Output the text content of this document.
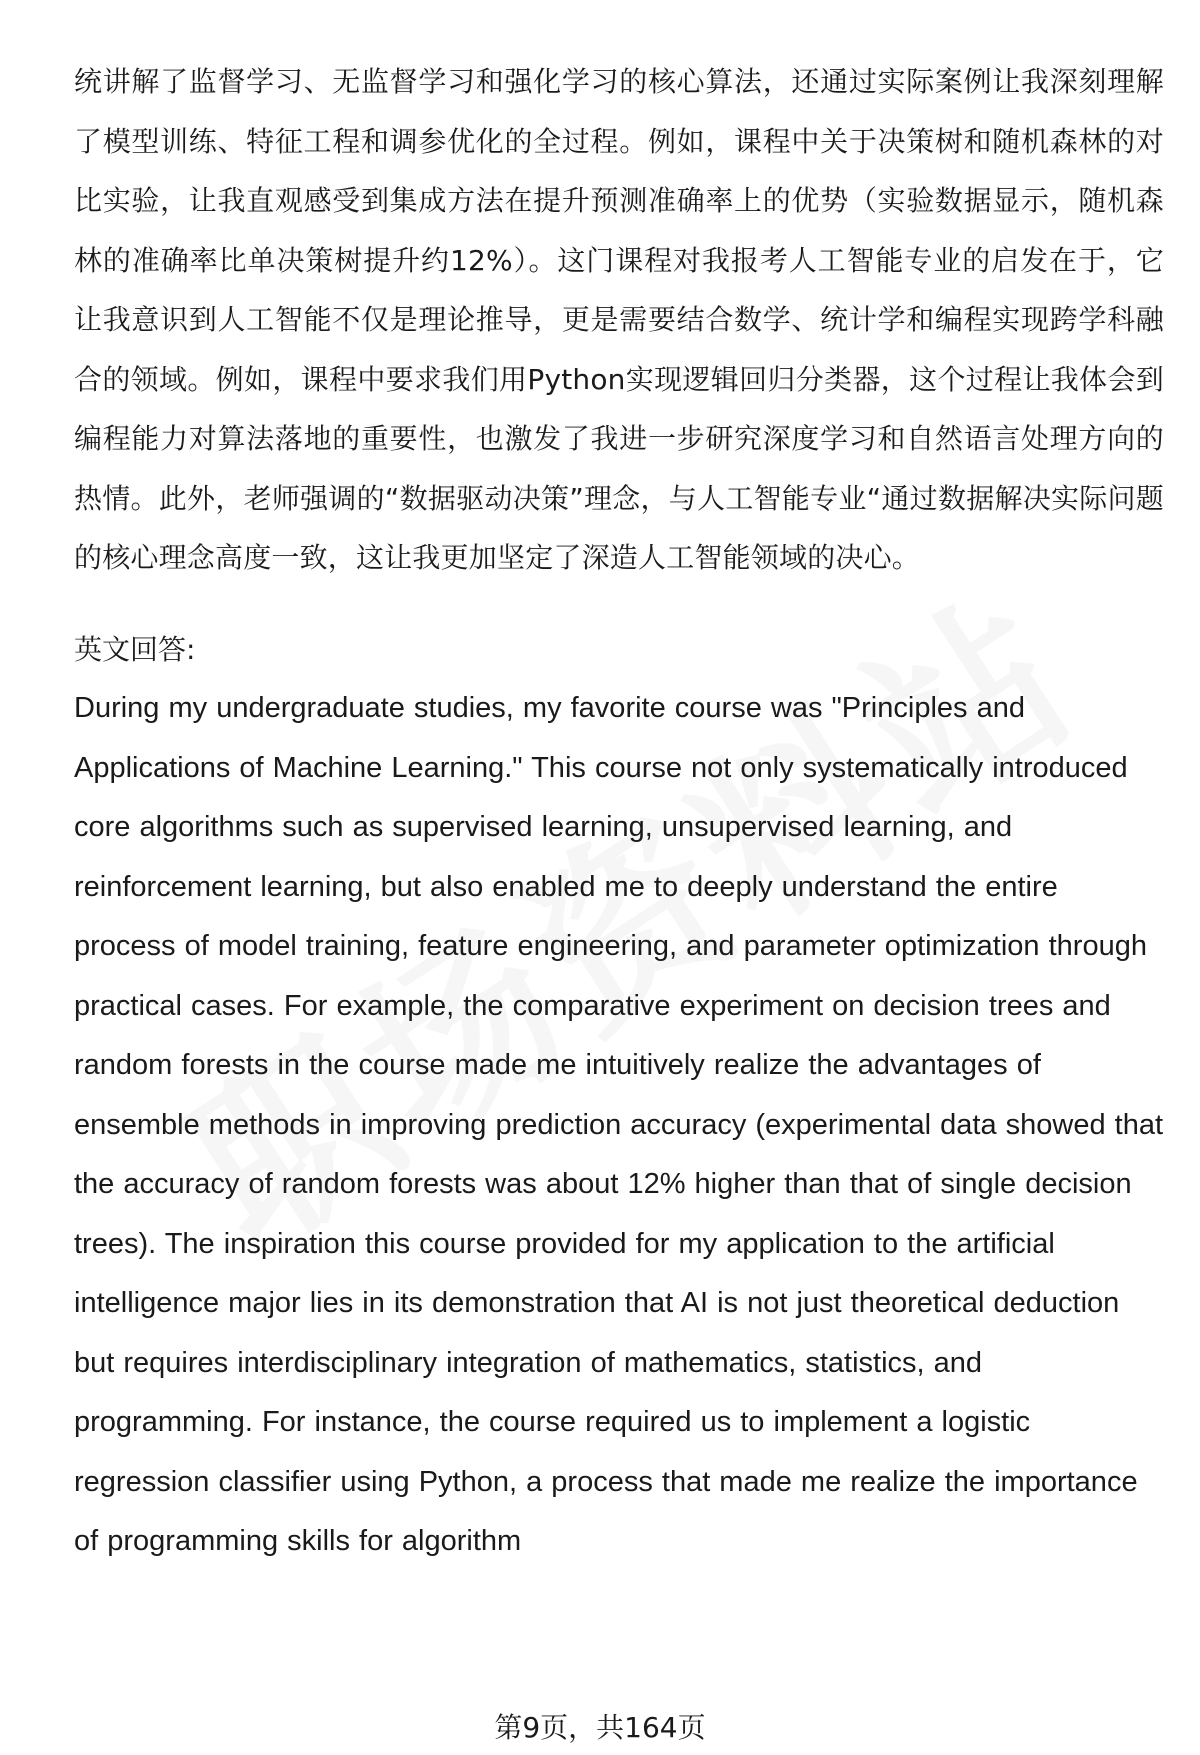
统讲解了监督学习、无监督学习和强化学习的核心算法，还通过实际案例让我深刻理解了模型训练、特征工程和调参优化的全过程。例如，课程中关于决策树和随机森林的对比实验，让我直观感受到集成方法在提升预测准确率上的优势（实验数据显示，随机森林的准确率比单决策树提升约12%）。这门课程对我报考人工智能专业的启发在于，它让我意识到人工智能不仅是理论推导，更是需要结合数学、统计学和编程实现跨学科融合的领域。例如，课程中要求我们用Python实现逻辑回归分类器，这个过程让我体会到编程能力对算法落地的重要性，也激发了我进一步研究深度学习和自然语言处理方向的热情。此外，老师强调的“数据驱动决策”理念，与人工智能专业“通过数据解决实际问题的核心理念高度一致，这让我更加坚定了深造人工智能领域的决心。

英文回答:

During my undergraduate studies, my favorite course was "Principles and Applications of Machine Learning." This course not only systematically introduced core algorithms such as supervised learning, unsupervised learning, and reinforcement learning, but also enabled me to deeply understand the entire process of model training, feature engineering, and parameter optimization through practical cases. For example, the comparative experiment on decision trees and random forests in the course made me intuitively realize the advantages of ensemble methods in improving prediction accuracy (experimental data showed that the accuracy of random forests was about 12% higher than that of single decision trees). The inspiration this course provided for my application to the artificial intelligence major lies in its demonstration that AI is not just theoretical deduction but requires interdisciplinary integration of mathematics, statistics, and programming. For instance, the course required us to implement a logistic regression classifier using Python, a process that made me realize the importance of programming skills for algorithm

第9页，共164页
